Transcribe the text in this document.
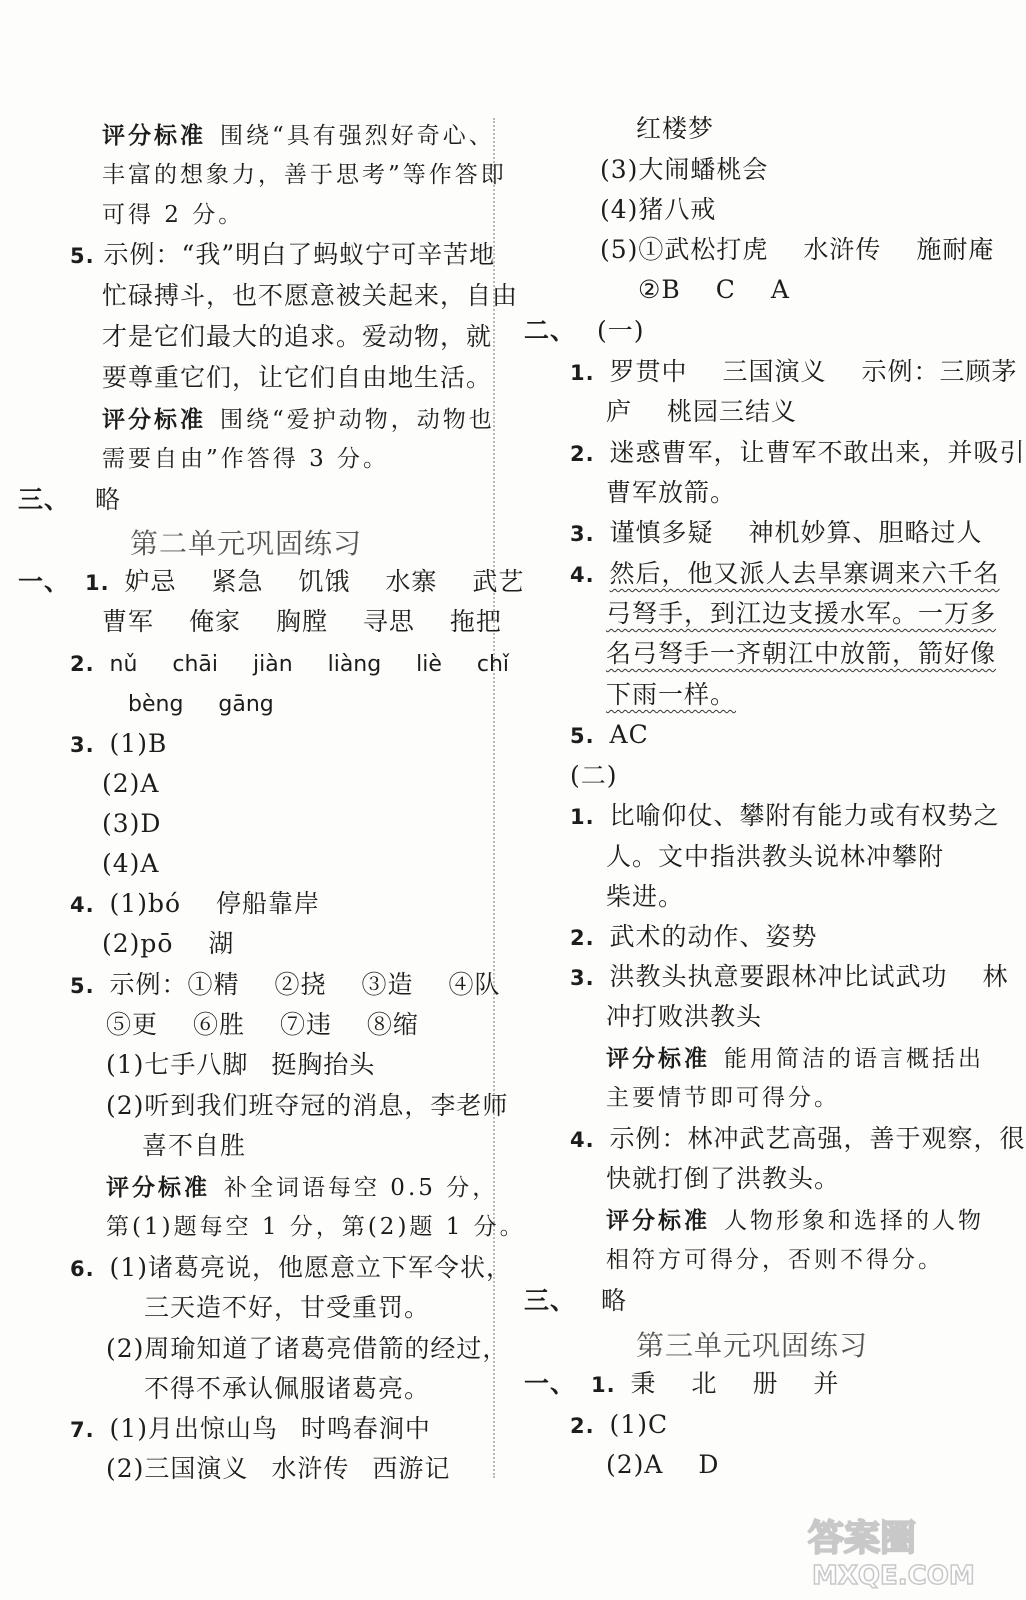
评分标准 围绕“具有强烈好奇心、
丰富的想象力，善于思考”等作答即
可得 2 分。
5. 示例：“我”明白了蚂蚁宁可辛苦地
忙碌搏斗，也不愿意被关起来，自由
才是它们最大的追求。爱动物，就
要尊重它们，让它们自由地生活。
评分标准 围绕“爱护动物，动物也
需要自由”作答得 3 分。
三、 略
第二单元巩固练习
一、 1. 妒忌 紧急 饥饿 水寨 武艺
曹军 俺家 胸膛 寻思 拖把
2. nǔ chāi jiàn liàng liè chǐ
bèng gāng
3. (1)B
(2)A
(3)D
(4)A
4. (1)bó 停船靠岸
(2)pō 湖
5. 示例：①精 ②挠 ③造 ④队
⑤更 ⑥胜 ⑦违 ⑧缩
(1)七手八脚 挺胸抬头
(2)听到我们班夺冠的消息，李老师
喜不自胜
评分标准 补全词语每空 0.5 分，
第(1)题每空 1 分，第(2)题 1 分。
6. (1)诸葛亮说，他愿意立下军令状，
三天造不好，甘受重罚。
(2)周瑜知道了诸葛亮借箭的经过，
不得不承认佩服诸葛亮。
7. (1)月出惊山鸟 时鸣春涧中
(2)三国演义 水浒传 西游记
红楼梦
(3)大闹蟠桃会
(4)猪八戒
(5)①武松打虎 水浒传 施耐庵
②B C A
二、 (一)
1. 罗贯中 三国演义 示例：三顾茅
庐 桃园三结义
2. 迷惑曹军，让曹军不敢出来，并吸引
曹军放箭。
3. 谨慎多疑 神机妙算、胆略过人
4. 然后，他又派人去旱寨调来六千名
弓弩手，到江边支援水军。一万多
名弓弩手一齐朝江中放箭，箭好像
下雨一样。
5. AC
(二)
1. 比喻仰仗、攀附有能力或有权势之
人。文中指洪教头说林冲攀附
柴进。
2. 武术的动作、姿势
3. 洪教头执意要跟林冲比试武功 林
冲打败洪教头
评分标准 能用简洁的语言概括出
主要情节即可得分。
4. 示例：林冲武艺高强，善于观察，很
快就打倒了洪教头。
评分标准 人物形象和选择的人物
相符方可得分，否则不得分。
三、 略
第三单元巩固练习
一、 1. 秉 北 册 并
2. (1)C
(2)A D
答案圈
MXQE.COM
